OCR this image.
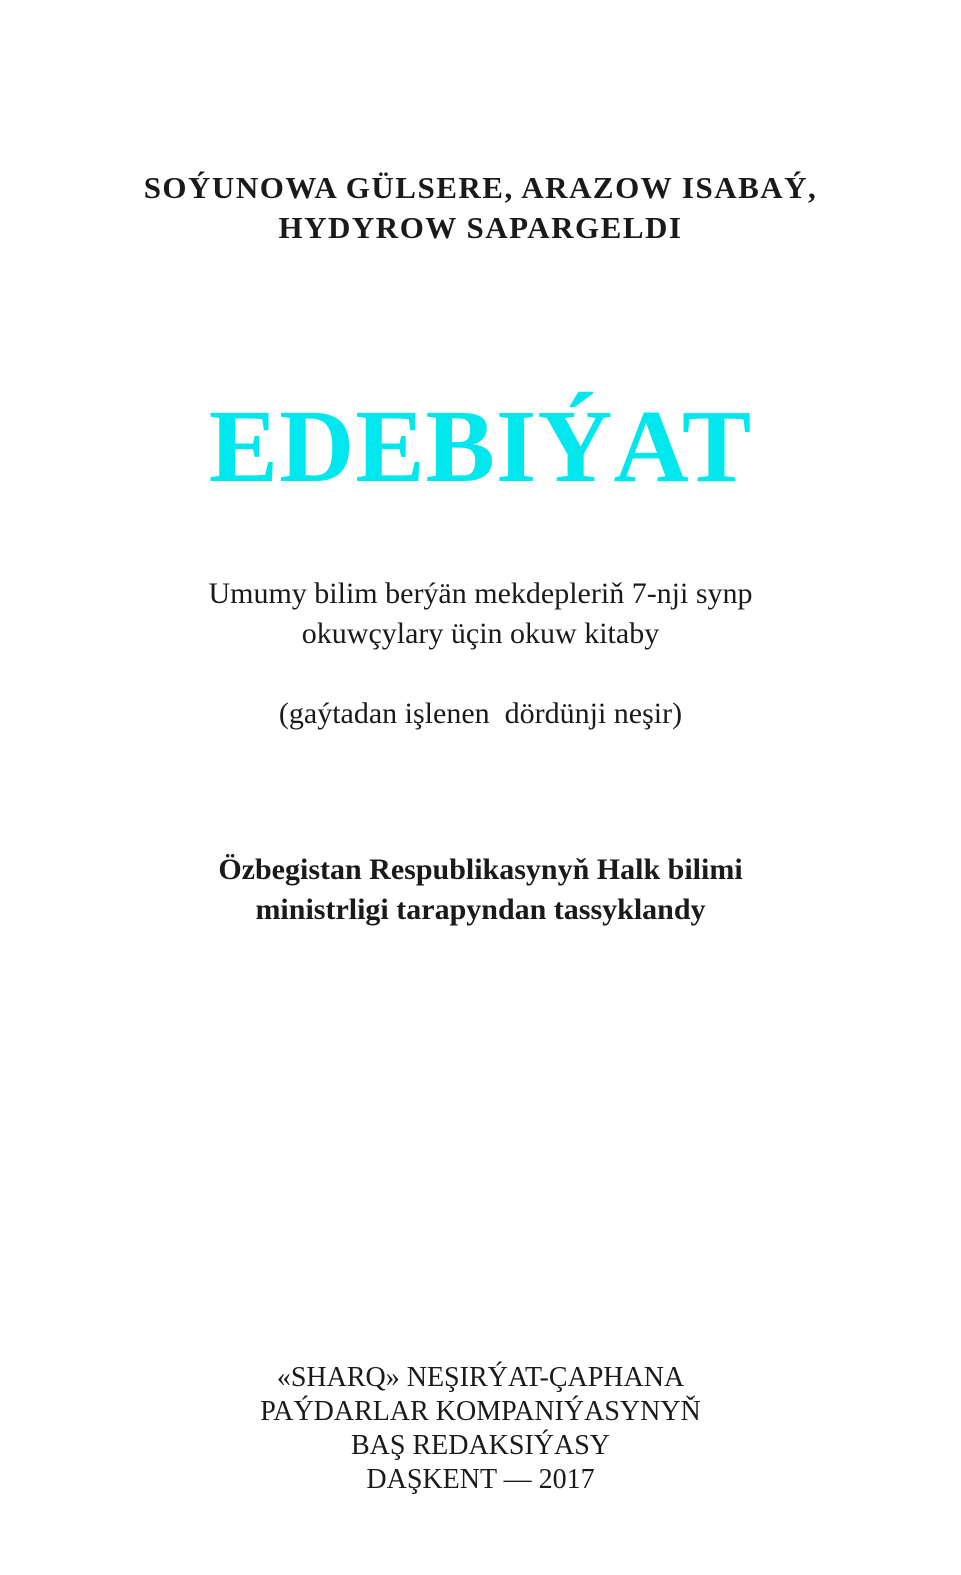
SOÝUNOWA GÜLSERE, ARAZOW ISABAÝ,
HYDYROW SAPARGELDI
EDEBIÝAT
Umumy bilim berýän mekdepleriň 7-nji synp
okuwçylary üçin okuw kitaby
(gaýtadan işlenen  dördünji neşir)
Özbegistan Respublikasynyň Halk bilimi
ministrligi tarapyndan tassyklandy
«SHARQ» NEŞIRÝAT-ÇAPHANA
PAÝDARLAR KOMPANIÝASYNYŇ
BAŞ REDAKSIÝASY
DAŞKENT — 2017
